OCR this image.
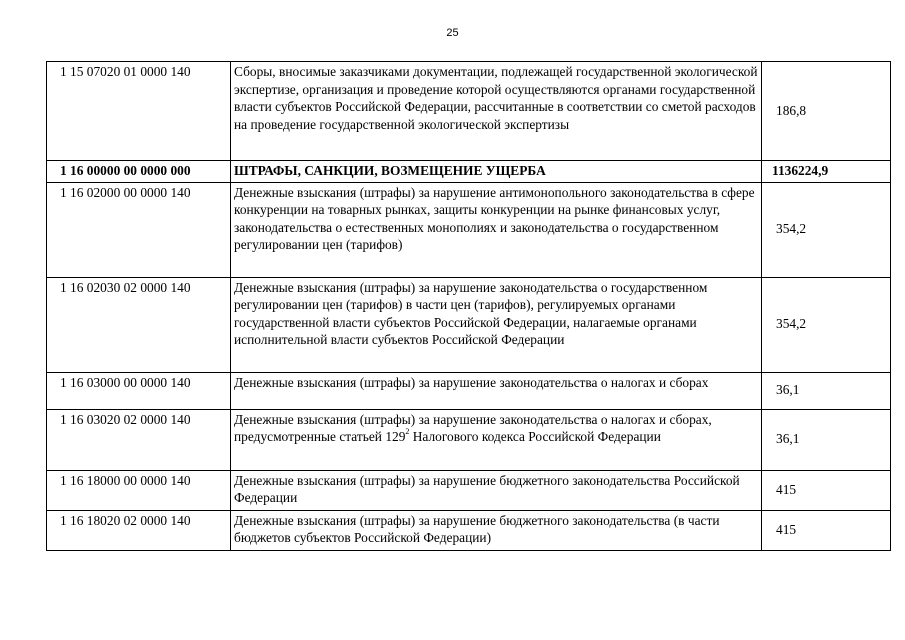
25
1 15 07020 01 0000 140	Сборы, вносимые заказчиками документации, подлежащей государственной экологической экспертизе, организация и проведение которой осуществляются органами государственной власти субъектов Российской Федерации, рассчитанные в соответствии со сметой расходов на проведение государственной экологической экспертизы	186,8
1 16 00000 00 0000 000	ШТРАФЫ, САНКЦИИ, ВОЗМЕЩЕНИЕ УЩЕРБА	1136224,9
1 16 02000 00 0000 140	Денежные взыскания (штрафы) за нарушение антимонопольного законодательства в сфере конкуренции на товарных рынках, защиты конкуренции на рынке финансовых услуг, законодательства о естественных монополиях и законодательства о государственном регулировании цен (тарифов)	354,2
1 16 02030 02 0000 140	Денежные взыскания (штрафы) за нарушение законодательства о государственном регулировании цен (тарифов) в части цен (тарифов), регулируемых органами государственной власти субъектов Российской Федерации, налагаемые органами исполнительной власти субъектов Российской Федерации	354,2
1 16 03000 00 0000 140	Денежные взыскания (штрафы) за нарушение законодательства о налогах и сборах	36,1
1 16 03020 02 0000 140	Денежные взыскания (штрафы) за нарушение законодательства о налогах и сборах, предусмотренные статьей $129^2$ Налогового кодекса Российской Федерации	36,1
1 16 18000 00 0000 140	Денежные взыскания (штрафы) за нарушение бюджетного законодательства Российской Федерации	415
1 16 18020 02 0000 140	Денежные взыскания (штрафы) за нарушение бюджетного законодательства (в части бюджетов субъектов Российской Федерации)	415
